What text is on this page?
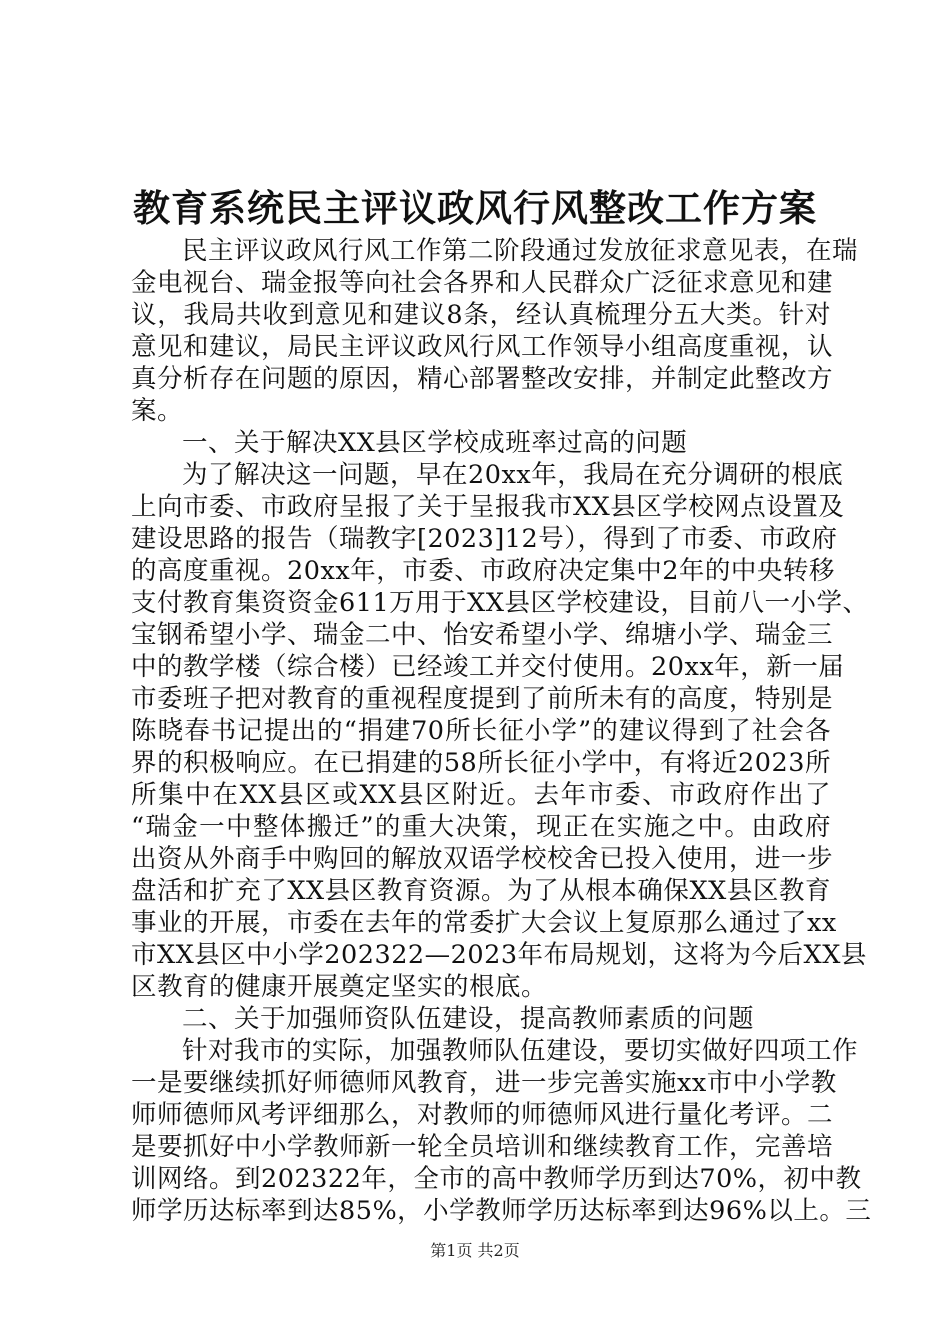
教育系统民主评议政风行风整改工作方案
民主评议政风行风工作第二阶段通过发放征求意见表，在瑞
金电视台、瑞金报等向社会各界和人民群众广泛征求意见和建
议，我局共收到意见和建议8条，经认真梳理分五大类。针对
意见和建议，局民主评议政风行风工作领导小组高度重视，认
真分析存在问题的原因，精心部署整改安排，并制定此整改方
案。
一、关于解决XX县区学校成班率过高的问题
为了解决这一问题，早在20xx年，我局在充分调研的根底
上向市委、市政府呈报了关于呈报我市XX县区学校网点设置及
建设思路的报告（瑞教字[2023]12号），得到了市委、市政府
的高度重视。20xx年，市委、市政府决定集中2年的中央转移
支付教育集资资金611万用于XX县区学校建设，目前八一小学、
宝钢希望小学、瑞金二中、怡安希望小学、绵塘小学、瑞金三
中的教学楼（综合楼）已经竣工并交付使用。20xx年，新一届
市委班子把对教育的重视程度提到了前所未有的高度，特别是
陈晓春书记提出的“捐建70所长征小学”的建议得到了社会各
界的积极响应。在已捐建的58所长征小学中，有将近2023所
所集中在XX县区或XX县区附近。去年市委、市政府作出了
“瑞金一中整体搬迁”的重大决策，现正在实施之中。由政府
出资从外商手中购回的解放双语学校校舍已投入使用，进一步
盘活和扩充了XX县区教育资源。为了从根本确保XX县区教育
事业的开展，市委在去年的常委扩大会议上复原那么通过了xx
市XX县区中小学202322—2023年布局规划，这将为今后XX县
区教育的健康开展奠定坚实的根底。
二、关于加强师资队伍建设，提高教师素质的问题
针对我市的实际，加强教师队伍建设，要切实做好四项工作
一是要继续抓好师德师风教育，进一步完善实施xx市中小学教
师师德师风考评细那么，对教师的师德师风进行量化考评。二
是要抓好中小学教师新一轮全员培训和继续教育工作，完善培
训网络。到202322年，全市的高中教师学历到达70%，初中教
师学历达标率到达85%，小学教师学历达标率到达96%以上。三
第1页 共2页
